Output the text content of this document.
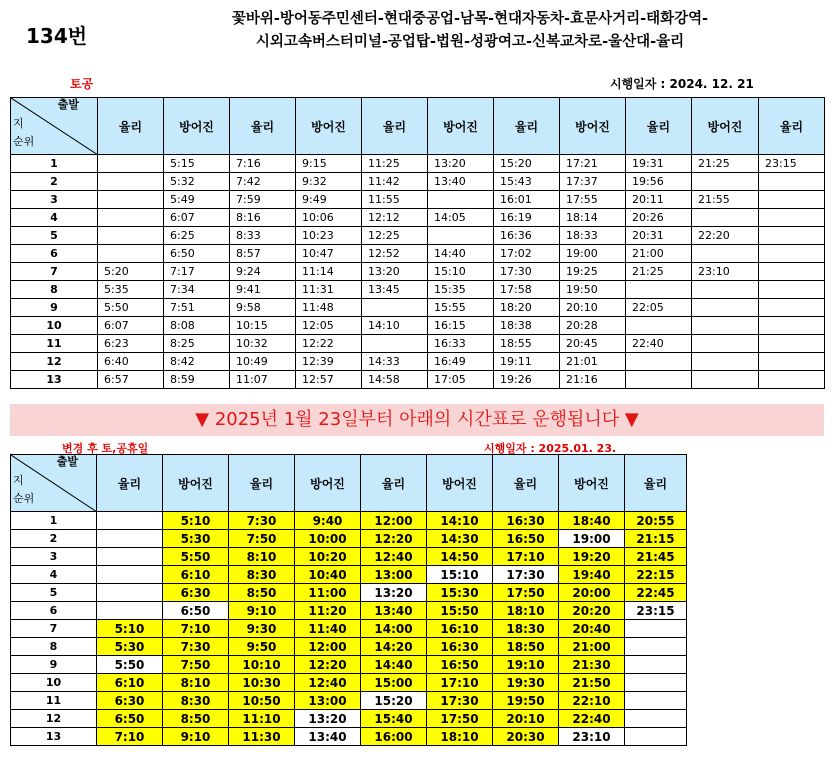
134번
꽃바위-방어동주민센터-현대중공업-남목-현대자동차-효문사거리-태화강역-
시외고속버스터미널-공업탑-법원-성광여고-신복교차로-울산대-율리
토공	시행일자 : 2024. 12. 21
출발
지
순위	율리	방어진	율리	방어진	율리	방어진	율리	방어진	율리	방어진	율리
1		5:15	7:16	9:15	11:25	13:20	15:20	17:21	19:31	21:25	23:15
2		5:32	7:42	9:32	11:42	13:40	15:43	17:37	19:56		
3		5:49	7:59	9:49	11:55		16:01	17:55	20:11	21:55	
4		6:07	8:16	10:06	12:12	14:05	16:19	18:14	20:26		
5		6:25	8:33	10:23	12:25		16:36	18:33	20:31	22:20	
6		6:50	8:57	10:47	12:52	14:40	17:02	19:00	21:00		
7	5:20	7:17	9:24	11:14	13:20	15:10	17:30	19:25	21:25	23:10	
8	5:35	7:34	9:41	11:31	13:45	15:35	17:58	19:50			
9	5:50	7:51	9:58	11:48		15:55	18:20	20:10	22:05		
10	6:07	8:08	10:15	12:05	14:10	16:15	18:38	20:28			
11	6:23	8:25	10:32	12:22		16:33	18:55	20:45	22:40		
12	6:40	8:42	10:49	12:39	14:33	16:49	19:11	21:01			
13	6:57	8:59	11:07	12:57	14:58	17:05	19:26	21:16			
▼ 2025년 1월 23일부터 아래의 시간표로 운행됩니다 ▼
변경 후 토,공휴일	시행일자 : 2025.01. 23.
출발
지
순위	율리	방어진	율리	방어진	율리	방어진	율리	방어진	율리
1		5:10	7:30	9:40	12:00	14:10	16:30	18:40	20:55
2		5:30	7:50	10:00	12:20	14:30	16:50	19:00	21:15
3		5:50	8:10	10:20	12:40	14:50	17:10	19:20	21:45
4		6:10	8:30	10:40	13:00	15:10	17:30	19:40	22:15
5		6:30	8:50	11:00	13:20	15:30	17:50	20:00	22:45
6		6:50	9:10	11:20	13:40	15:50	18:10	20:20	23:15
7	5:10	7:10	9:30	11:40	14:00	16:10	18:30	20:40	
8	5:30	7:30	9:50	12:00	14:20	16:30	18:50	21:00	
9	5:50	7:50	10:10	12:20	14:40	16:50	19:10	21:30	
10	6:10	8:10	10:30	12:40	15:00	17:10	19:30	21:50	
11	6:30	8:30	10:50	13:00	15:20	17:30	19:50	22:10	
12	6:50	8:50	11:10	13:20	15:40	17:50	20:10	22:40	
13	7:10	9:10	11:30	13:40	16:00	18:10	20:30	23:10	
